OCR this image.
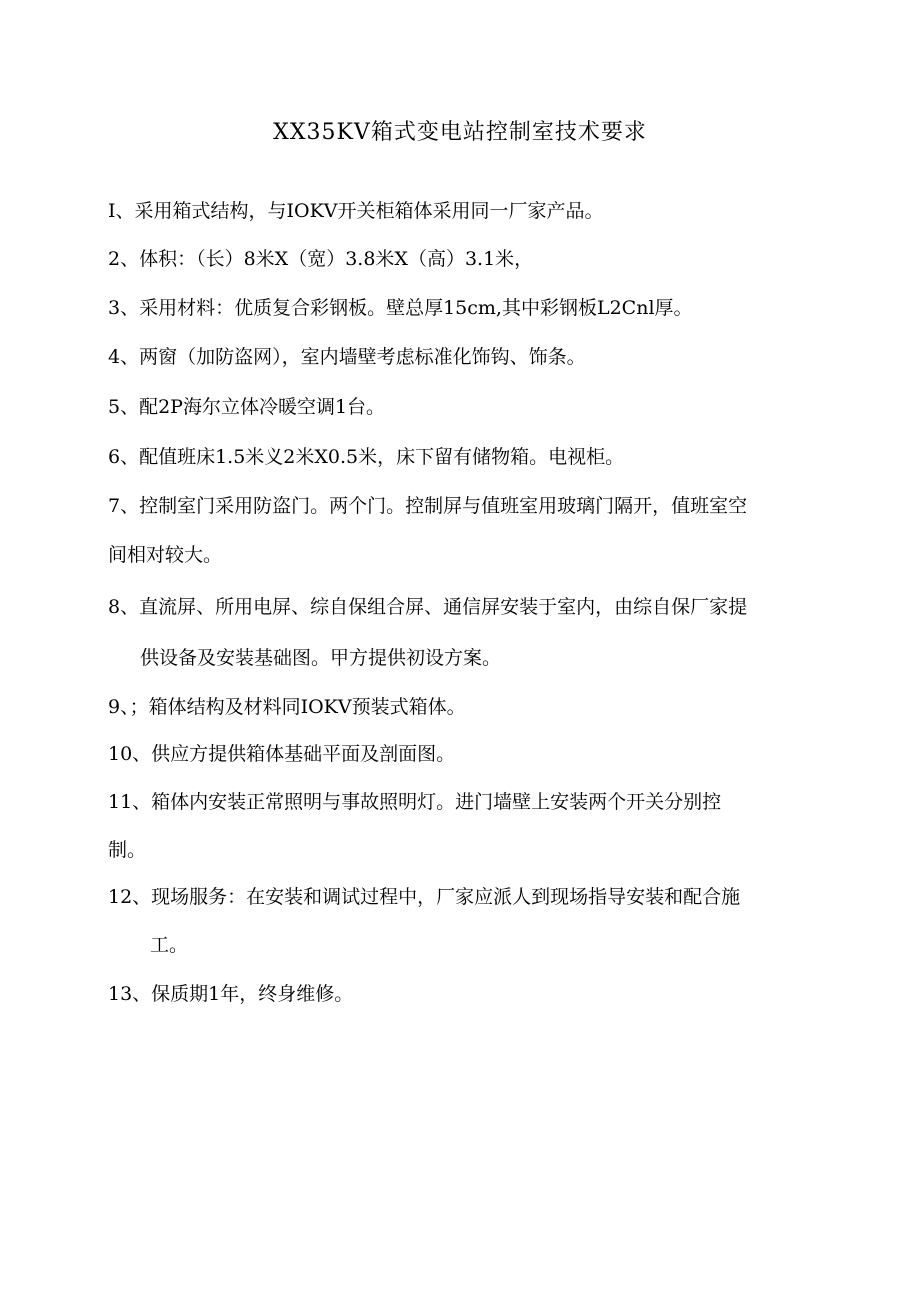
XX35KV箱式变电站控制室技术要求
I、采用箱式结构，与IOKV开关柜箱体采用同一厂家产品。
2、体积：（长）8米X（宽）3.8米X（高）3.1米，
3、采用材料：优质复合彩钢板。壁总厚15cm,其中彩钢板L2Cnl厚。
4、两窗（加防盗网），室内墙壁考虑标准化饰钩、饰条。
5、配2P海尔立体冷暖空调1台。
6、配值班床1.5米义2米X0.5米，床下留有储物箱。电视柜。
7、控制室门采用防盗门。两个门。控制屏与值班室用玻璃门隔开，值班室空
间相对较大。
8、直流屏、所用电屏、综自保组合屏、通信屏安装于室内，由综自保厂家提
供设备及安装基础图。甲方提供初设方案。
9、；箱体结构及材料同IOKV预装式箱体。
10、供应方提供箱体基础平面及剖面图。
11、箱体内安装正常照明与事故照明灯。进门墙壁上安装两个开关分别控
制。
12、现场服务：在安装和调试过程中，厂家应派人到现场指导安装和配合施
工。
13、保质期1年，终身维修。
